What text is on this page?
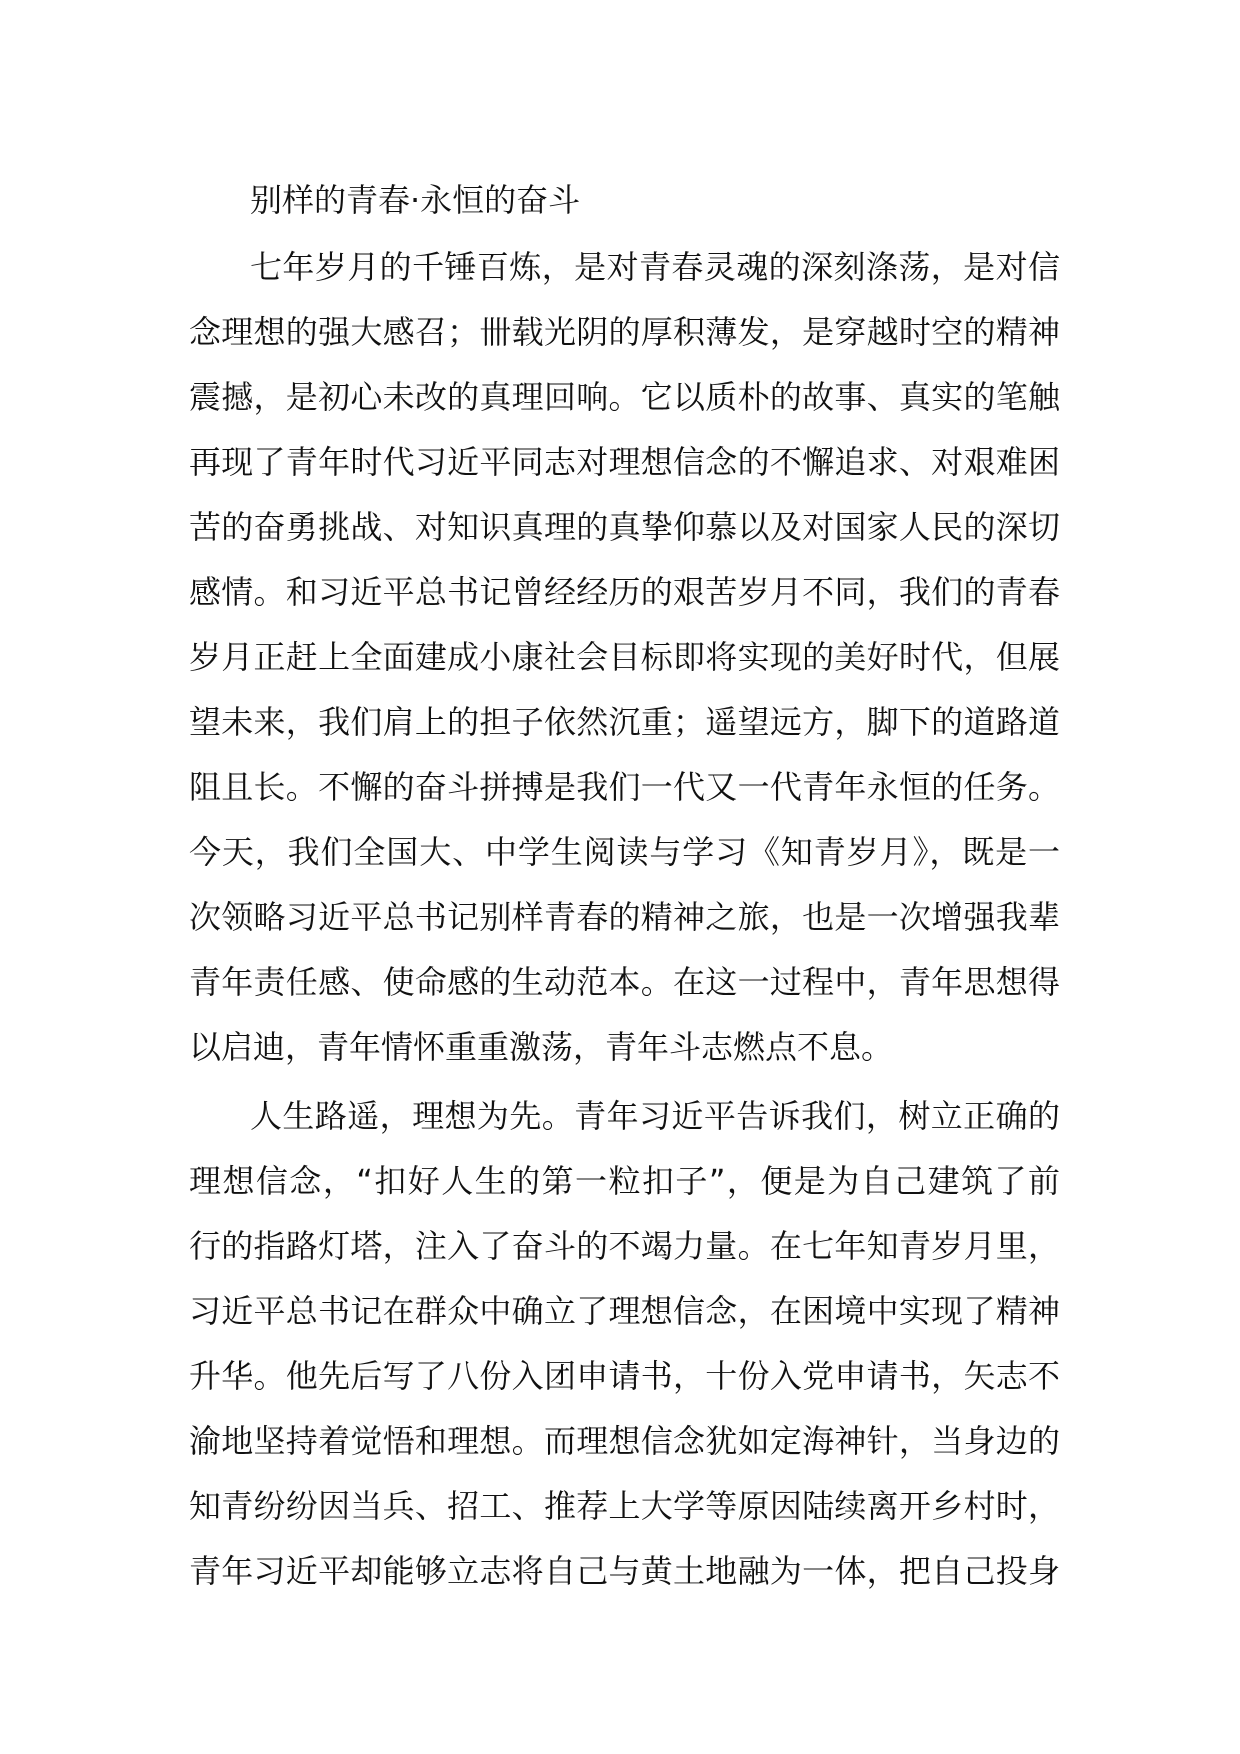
别样的青春·永恒的奋斗
七年岁月的千锤百炼，是对青春灵魂的深刻涤荡，是对信
念理想的强大感召；卌载光阴的厚积薄发，是穿越时空的精神
震撼，是初心未改的真理回响。它以质朴的故事、真实的笔触
再现了青年时代习近平同志对理想信念的不懈追求、对艰难困
苦的奋勇挑战、对知识真理的真挚仰慕以及对国家人民的深切
感情。和习近平总书记曾经经历的艰苦岁月不同，我们的青春
岁月正赶上全面建成小康社会目标即将实现的美好时代，但展
望未来，我们肩上的担子依然沉重；遥望远方，脚下的道路道
阻且长。不懈的奋斗拼搏是我们一代又一代青年永恒的任务。
今天，我们全国大、中学生阅读与学习《知青岁月》，既是一
次领略习近平总书记别样青春的精神之旅，也是一次增强我辈
青年责任感、使命感的生动范本。在这一过程中，青年思想得
以启迪，青年情怀重重激荡，青年斗志燃点不息。
人生路遥，理想为先。青年习近平告诉我们，树立正确的
理想信念，“扣好人生的第一粒扣子”，便是为自己建筑了前
行的指路灯塔，注入了奋斗的不竭力量。在七年知青岁月里，
习近平总书记在群众中确立了理想信念，在困境中实现了精神
升华。他先后写了八份入团申请书，十份入党申请书，矢志不
渝地坚持着觉悟和理想。而理想信念犹如定海神针，当身边的
知青纷纷因当兵、招工、推荐上大学等原因陆续离开乡村时，
青年习近平却能够立志将自己与黄土地融为一体，把自己投身
